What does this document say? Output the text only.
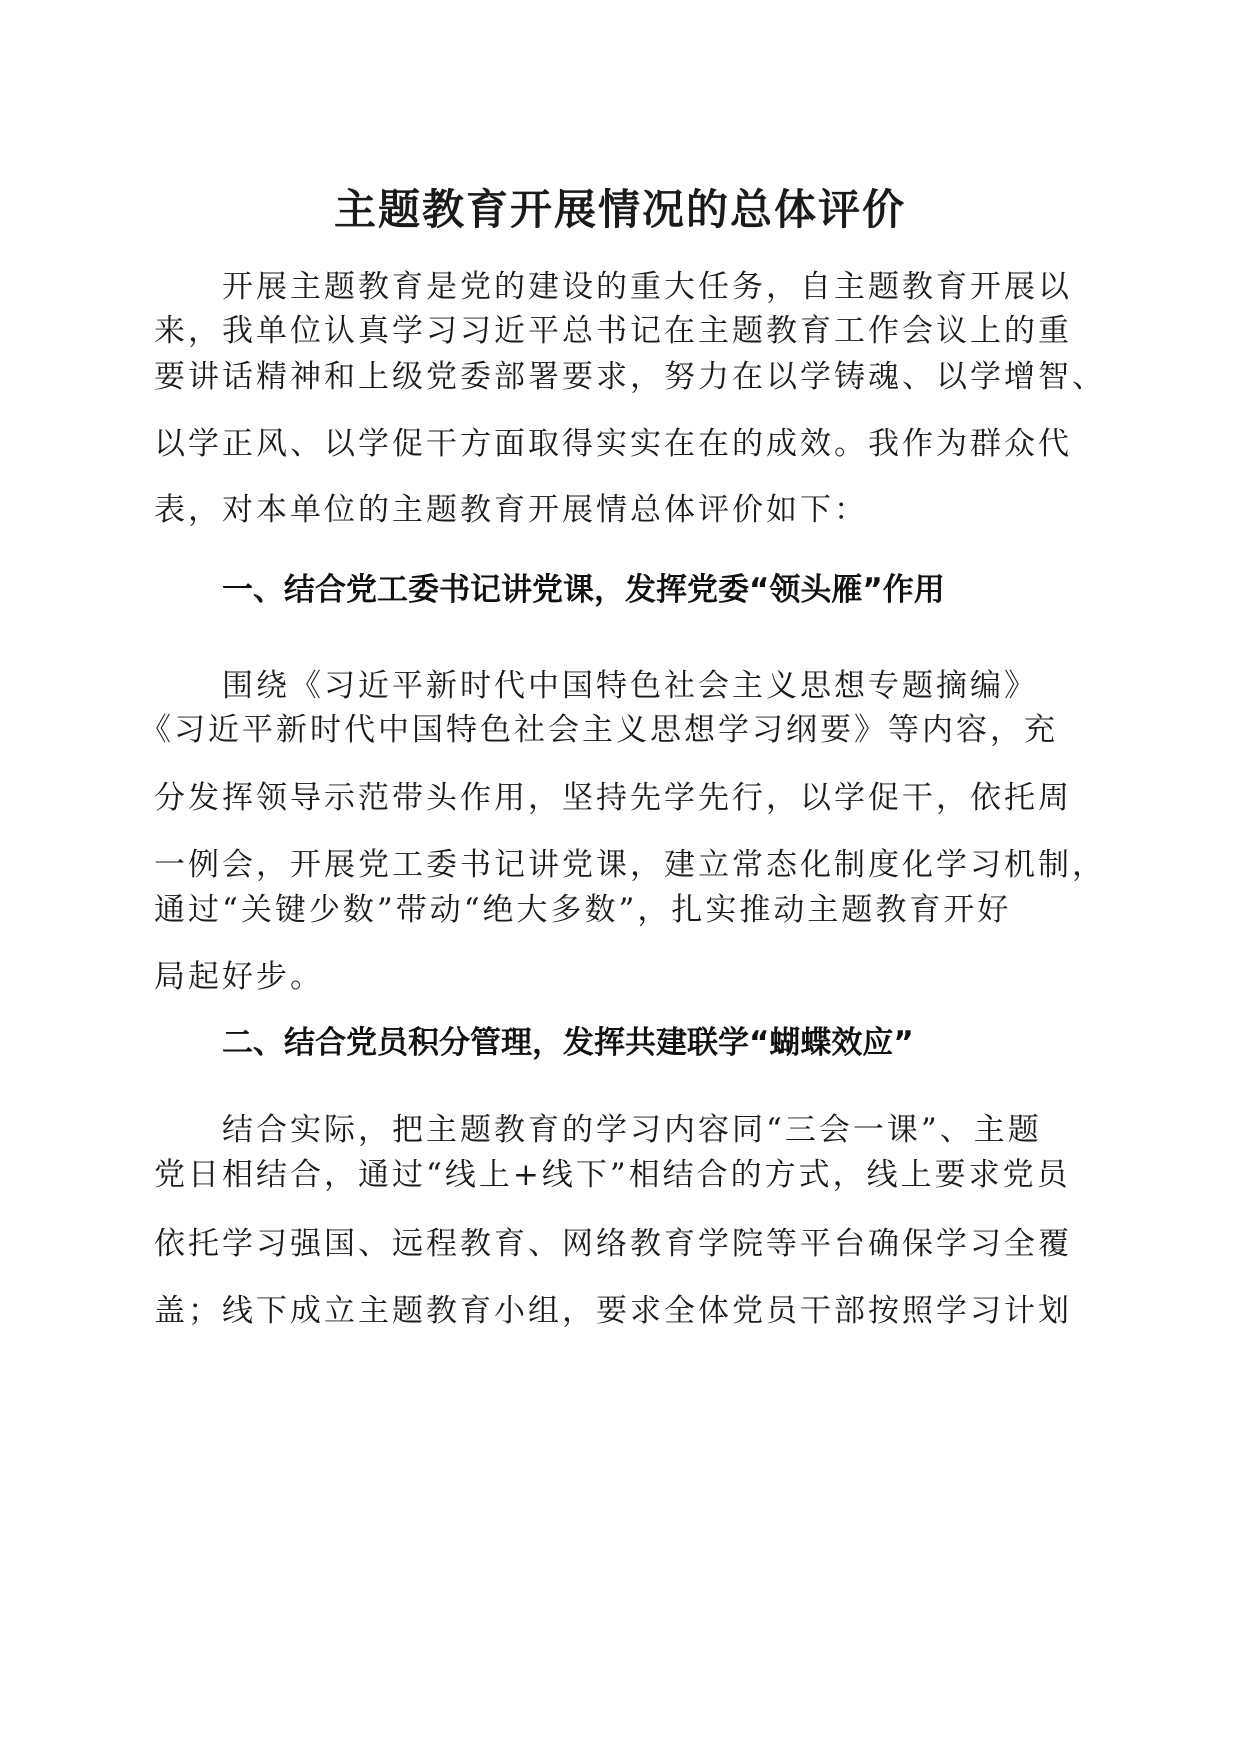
主题教育开展情况的总体评价

开展主题教育是党的建设的重大任务，自主题教育开展以

来，我单位认真学习习近平总书记在主题教育工作会议上的重

要讲话精神和上级党委部署要求，努力在以学铸魂、以学增智、

以学正风、以学促干方面取得实实在在的成效。我作为群众代

表，对本单位的主题教育开展情总体评价如下：

一、结合党工委书记讲党课，发挥党委“领头雁”作用

围绕《习近平新时代中国特色社会主义思想专题摘编》

《习近平新时代中国特色社会主义思想学习纲要》等内容，充

分发挥领导示范带头作用，坚持先学先行，以学促干，依托周

一例会，开展党工委书记讲党课，建立常态化制度化学习机制，

通过“关键少数”带动“绝大多数”，扎实推动主题教育开好

局起好步。

二、结合党员积分管理，发挥共建联学“蝴蝶效应”

结合实际，把主题教育的学习内容同“三会一课”、主题

党日相结合，通过“线上+线下”相结合的方式，线上要求党员

依托学习强国、远程教育、网络教育学院等平台确保学习全覆

盖；线下成立主题教育小组，要求全体党员干部按照学习计划
